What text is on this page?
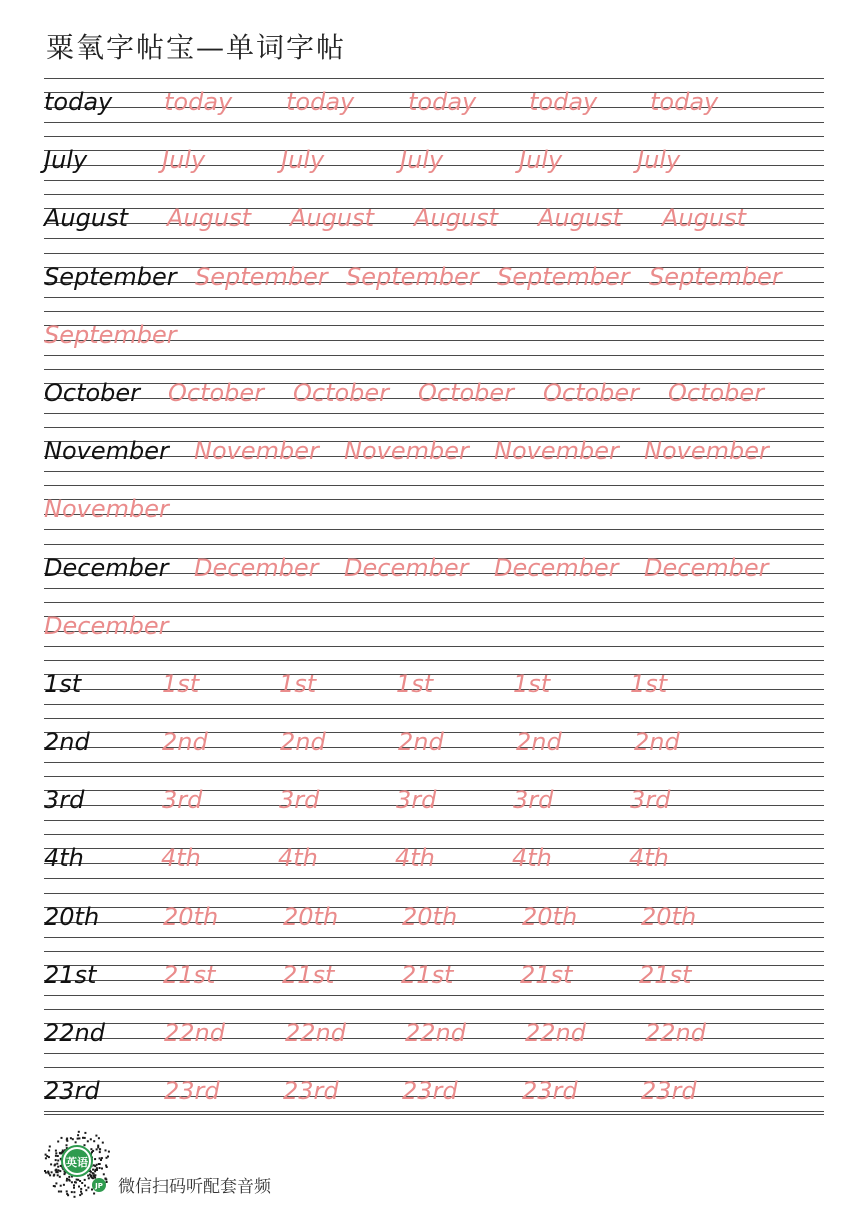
粟氧字帖宝—单词字帖
today today today today today today
July	July	July	July	July	July
August August August August August August
September September September September September
September
October October October October October October
November November November November November
November
December December December December December
December
1st	1st	1st	1st	1st	1st
2nd	2nd	2nd	2nd	2nd	2nd
3rd	3rd	3rd	3rd	3rd	3rd
4th	4th	4th	4th	4th	4th
20th	20th	20th	20th	20th	20th
21st	21st	21st	21st	21st	21st
22nd 22nd	22nd 22nd 22nd 22nd
23rd	23rd	23rd	23rd	23rd	23rd
英语
JP 微信扫码听配套音频
